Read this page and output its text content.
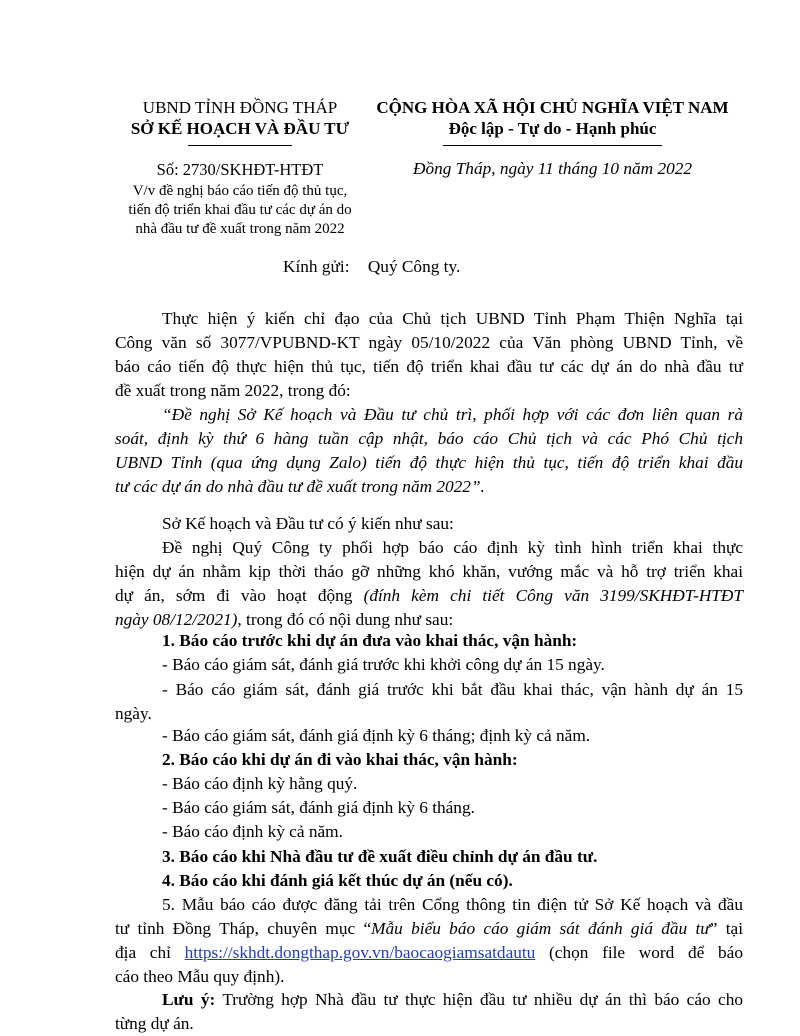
UBND TỈNH ĐỒNG THÁP
SỞ KẾ HOẠCH VÀ ĐẦU TƯ
CỘNG HÒA XÃ HỘI CHỦ NGHĨA VIỆT NAM
Độc lập - Tự do - Hạnh phúc
Số: 2730/SKHĐT-HTĐT	Đồng Tháp, ngày 11 tháng 10 năm 2022
V/v đề nghị báo cáo tiến độ thủ tục,
tiến độ triển khai đầu tư các dự án do
nhà đầu tư đề xuất trong năm 2022
Kính gửi: Quý Công ty.
Thực hiện ý kiến chỉ đạo của Chủ tịch UBND Tỉnh Phạm Thiện Nghĩa tại
Công văn số 3077/VPUBND-KT ngày 05/10/2022 của Văn phòng UBND Tỉnh, về
báo cáo tiến độ thực hiện thủ tục, tiến độ triển khai đầu tư các dự án do nhà đầu tư
đề xuất trong năm 2022, trong đó:
“Đề nghị Sở Kế hoạch và Đầu tư chủ trì, phối hợp với các đơn liên quan rà
soát, định kỳ thứ 6 hàng tuần cập nhật, báo cáo Chủ tịch và các Phó Chủ tịch
UBND Tỉnh (qua ứng dụng Zalo) tiến độ thực hiện thủ tục, tiến độ triển khai đầu
tư các dự án do nhà đầu tư đề xuất trong năm 2022”.
Sở Kế hoạch và Đầu tư có ý kiến như sau:
Đề nghị Quý Công ty phối hợp báo cáo định kỳ tình hình triển khai thực
hiện dự án nhằm kịp thời tháo gỡ những khó khăn, vướng mắc và hỗ trợ triển khai
dự án, sớm đi vào hoạt động (đính kèm chi tiết Công văn 3199/SKHĐT-HTĐT
ngày 08/12/2021), trong đó có nội dung như sau:
1. Báo cáo trước khi dự án đưa vào khai thác, vận hành:
- Báo cáo giám sát, đánh giá trước khi khởi công dự án 15 ngày.
- Báo cáo giám sát, đánh giá trước khi bắt đầu khai thác, vận hành dự án 15
ngày.
- Báo cáo giám sát, đánh giá định kỳ 6 tháng; định kỳ cả năm.
2. Báo cáo khi dự án đi vào khai thác, vận hành:
- Báo cáo định kỳ hằng quý.
- Báo cáo giám sát, đánh giá định kỳ 6 tháng.
- Báo cáo định kỳ cả năm.
3. Báo cáo khi Nhà đầu tư đề xuất điều chỉnh dự án đầu tư.
4. Báo cáo khi đánh giá kết thúc dự án (nếu có).
5. Mẫu báo cáo được đăng tải trên Cổng thông tin điện tử Sở Kế hoạch và đầu
tư tỉnh Đồng Tháp, chuyên mục “Mẫu biểu báo cáo giám sát đánh giá đầu tư” tại
địa chỉ https://skhdt.dongthap.gov.vn/baocaogiamsatdautu (chọn file word để báo
cáo theo Mẫu quy định).
Lưu ý: Trường hợp Nhà đầu tư thực hiện đầu tư nhiều dự án thì báo cáo cho
từng dự án.
